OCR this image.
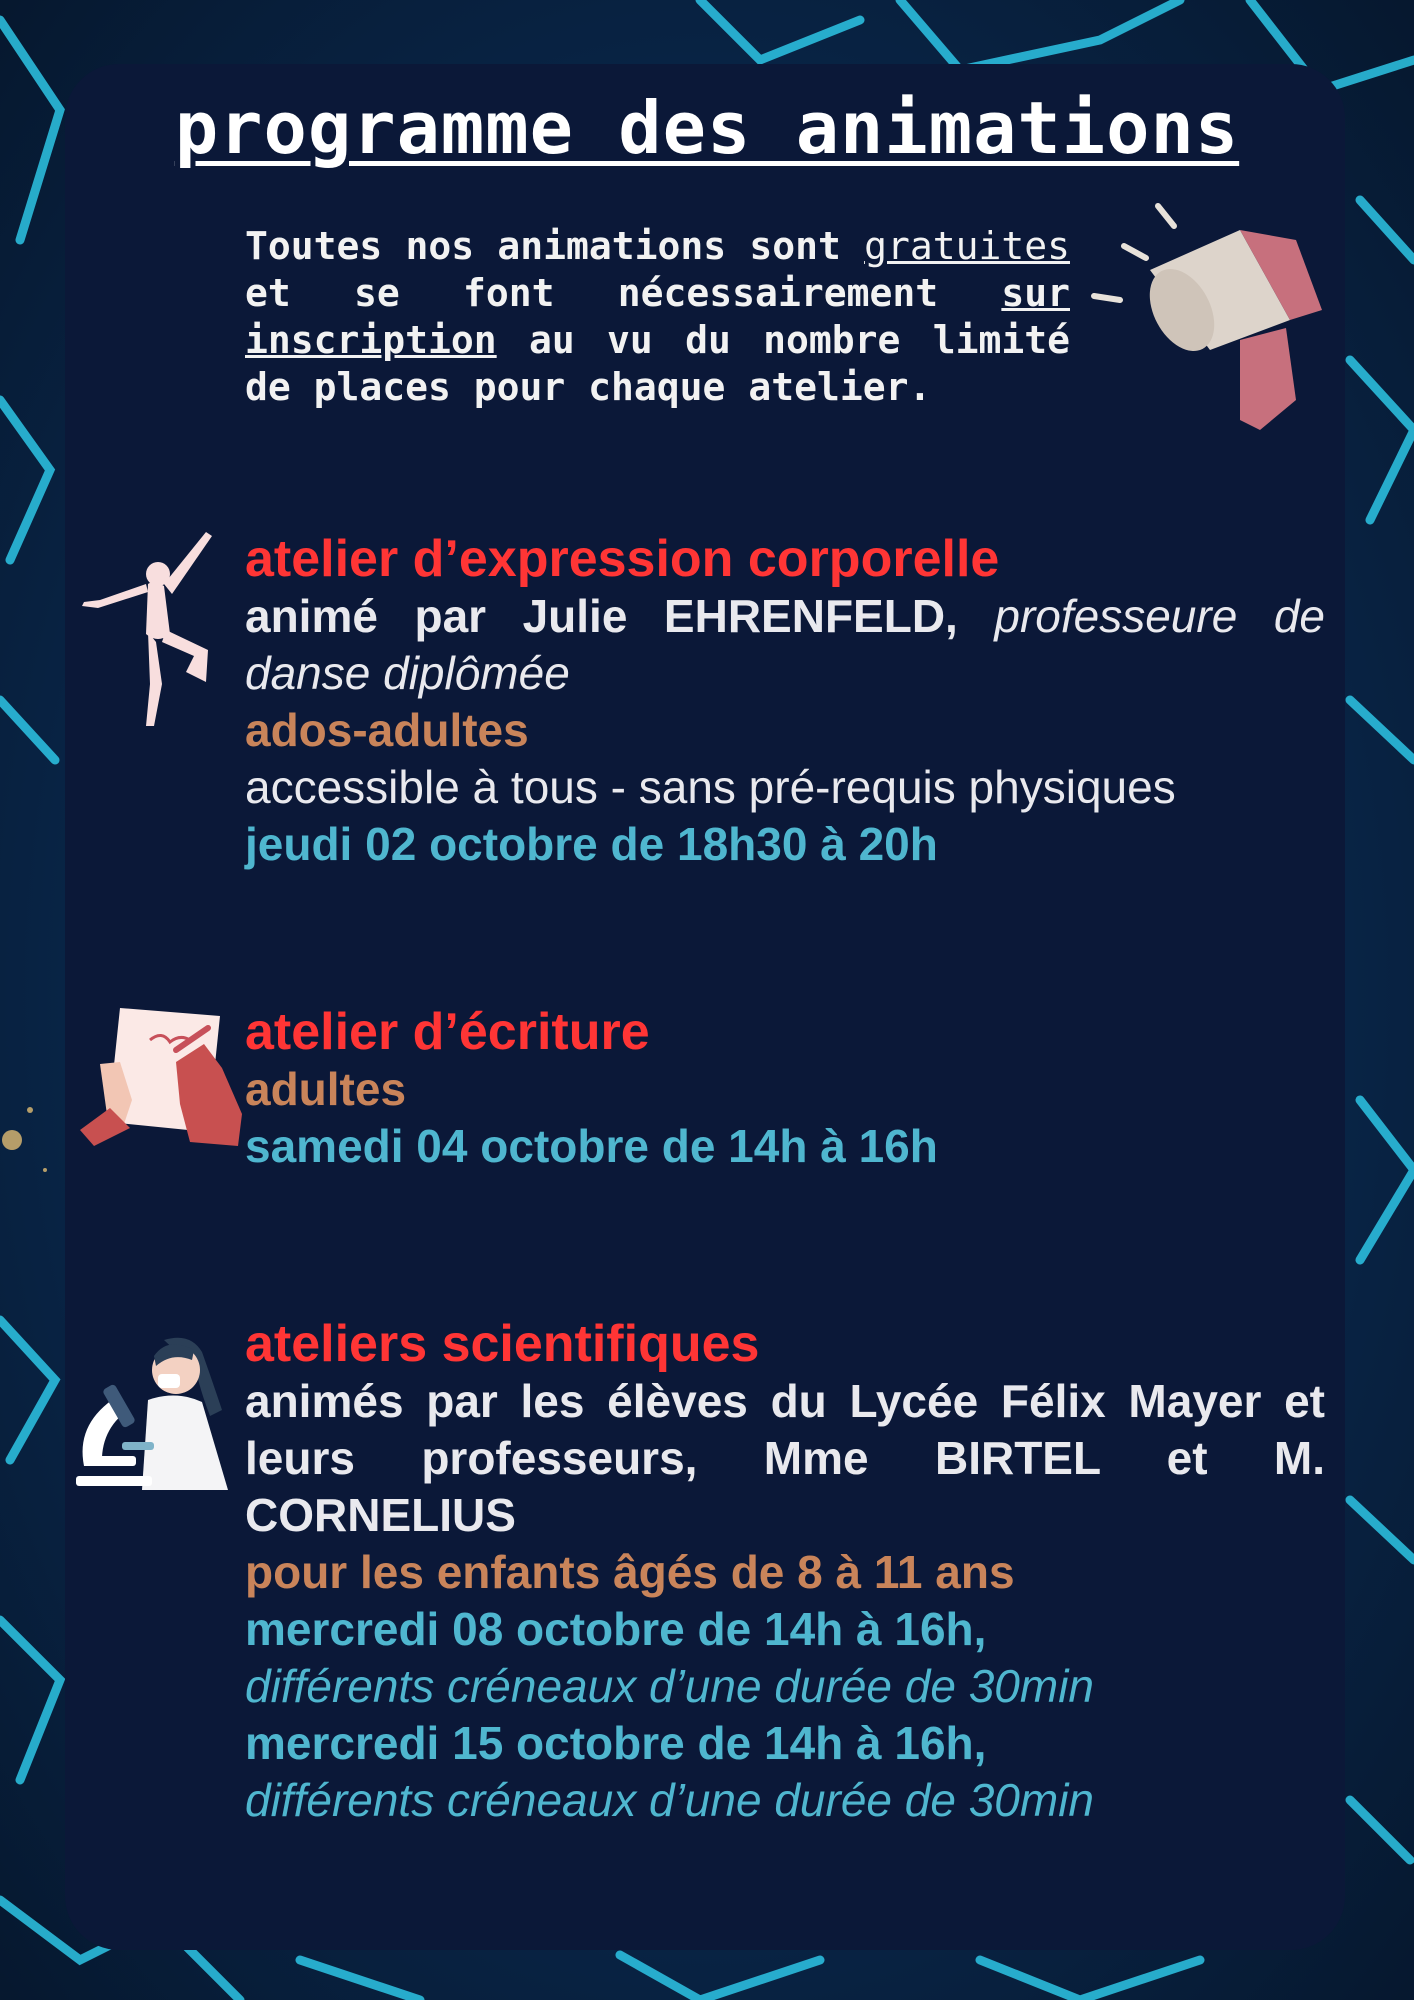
programme des animations

Toutes nos animations sont gratuites et se font nécessairement sur inscription au vu du nombre limité de places pour chaque atelier.

atelier d’expression corporelle

animé par Julie EHRENFELD, professeure de danse diplômée

ados-adultes

accessible à tous - sans pré-requis physiques

jeudi 02 octobre de 18h30 à 20h

atelier d’écriture

adultes

samedi 04 octobre de 14h à 16h

ateliers scientifiques

animés par les élèves du Lycée Félix Mayer et leurs professeurs, Mme BIRTEL et M. CORNELIUS

pour les enfants âgés de 8 à 11 ans

mercredi 08 octobre de 14h à 16h,

différents créneaux d’une durée de 30min

mercredi 15 octobre de 14h à 16h,

différents créneaux d’une durée de 30min
